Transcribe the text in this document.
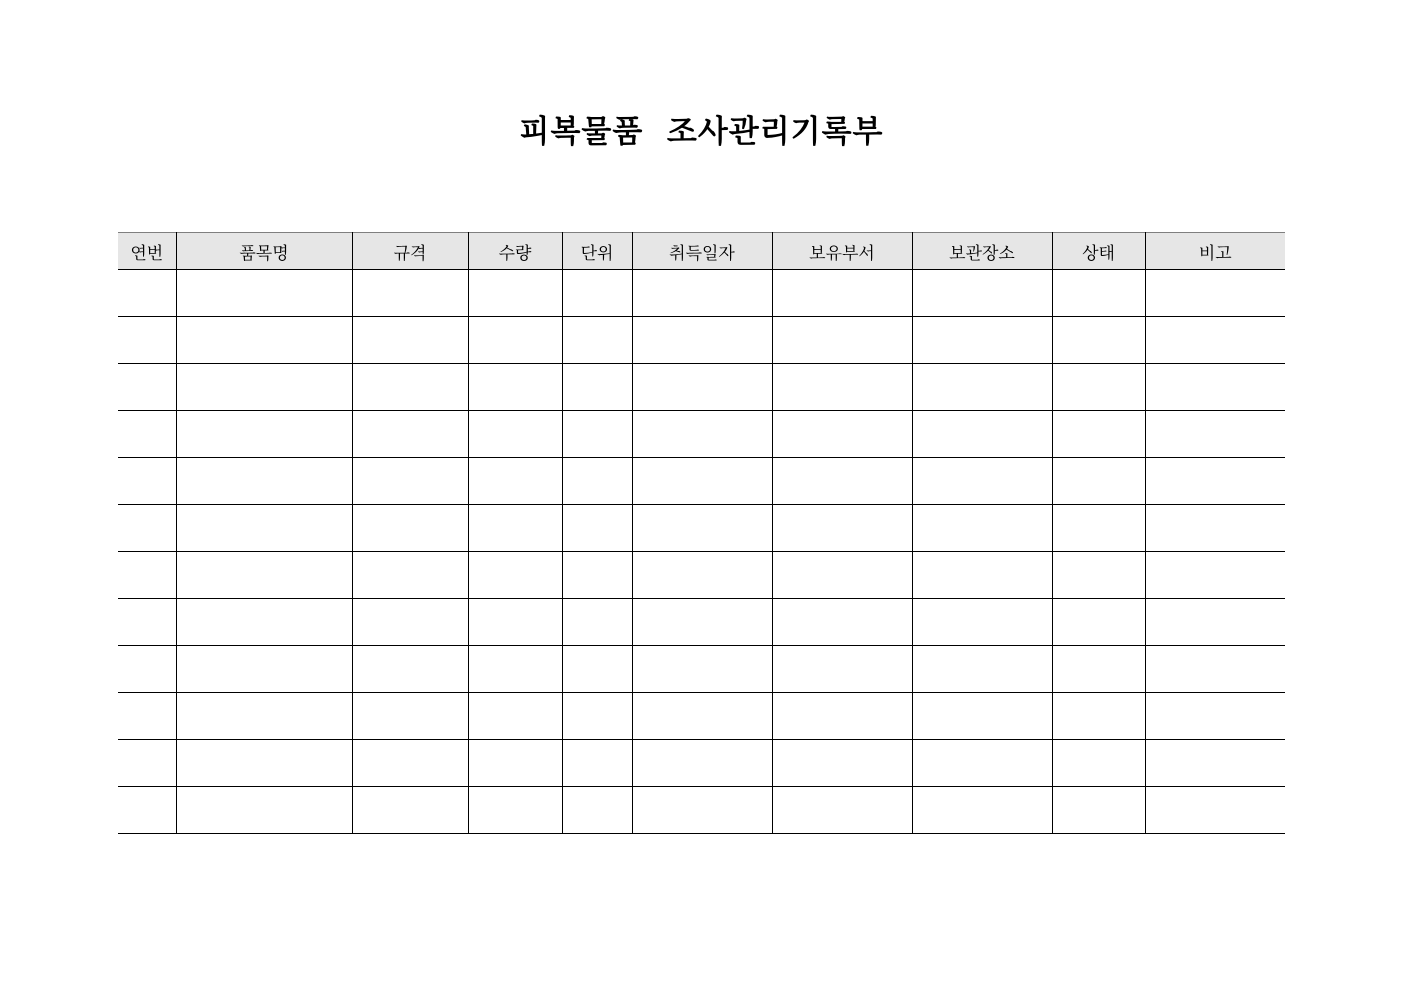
피복물품  조사관리기록부
연번	품목명	규격	수량	단위	취득일자	보유부서	보관장소	상태	비고
